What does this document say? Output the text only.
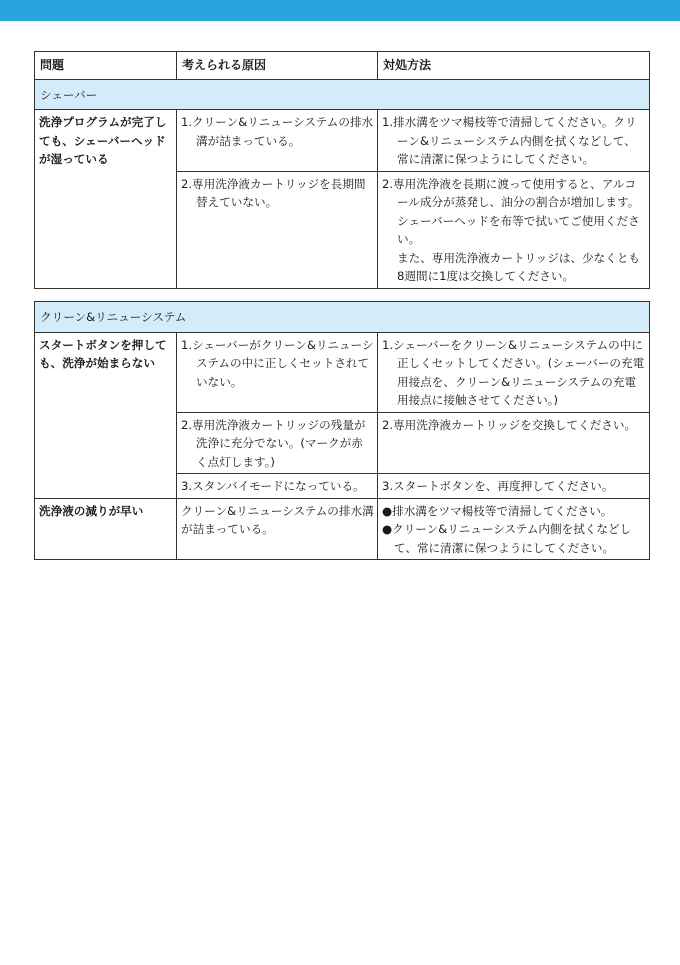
問題	考えられる原因	対処方法
シェーバー		
洗浄プログラムが完了しても、シェーバーヘッドが湿っている	1.クリーン&リニューシステムの排水溝が詰まっている。	1.排水溝をツマ楊枝等で清掃してください。クリーン&リニューシステム内側を拭くなどして、常に清潔に保つようにしてください。

	2.専用洗浄液カートリッジを長期間替えていない。	2.専用洗浄液を長期に渡って使用すると、アルコール成分が蒸発し、油分の割合が増加します。シェーバーヘッドを布等で拭いてご使用ください。
また、専用洗浄液カートリッジは、少なくとも8週間に1度は交換してください。
クリーン&リニューシステム		
スタートボタンを押しても、洗浄が始まらない	1.シェーバーがクリーン&リニューシステムの中に正しくセットされていない。	1.シェーバーをクリーン&リニューシステムの中に正しくセットしてください。(シェーバーの充電用接点を、クリーン&リニューシステムの充電用接点に接触させてください。)

	2.専用洗浄液カートリッジの残量が洗浄に充分でない。(マークが赤く点灯します。)	2.専用洗浄液カートリッジを交換してください。

	3.スタンバイモードになっている。	3.スタートボタンを、再度押してください。

洗浄液の減りが早い	クリーン&リニューシステムの排水溝が詰まっている。	●排水溝をツマ楊枝等で清掃してください。
●クリーン&リニューシステム内側を拭くなどして、常に清潔に保つようにしてください。
